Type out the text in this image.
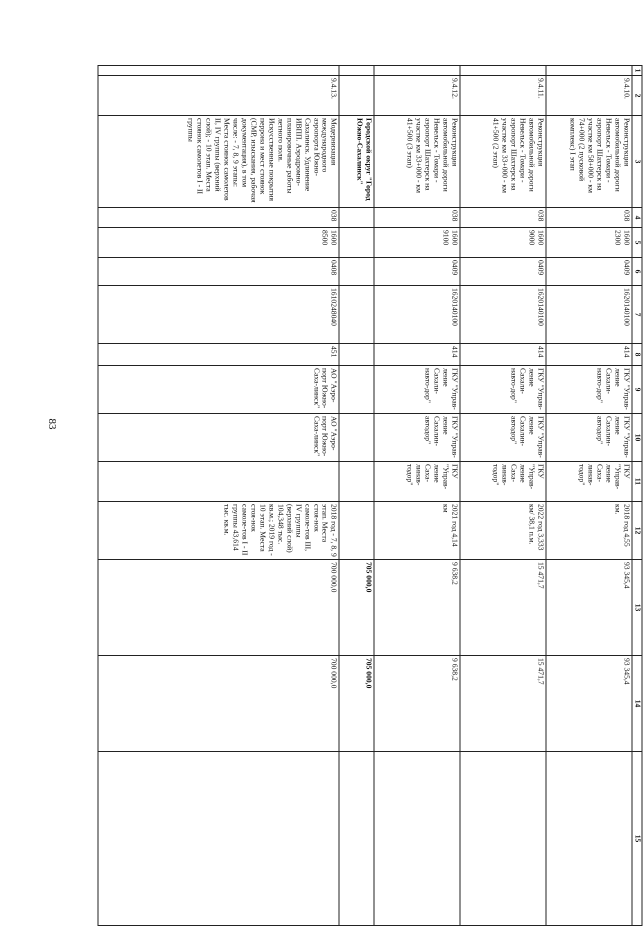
83
1	2	3	4	5	6	7	8	9	10	11	12	13	14	15
	9.4.10.	Реконструкция автомобильной дороги Невельск - Томари - аэропорт Шахтерск на участке км 58+000 - км 74+000 (2 пусковой комплекс) I этап	038	1600 2300	0409	1620140100	414	ГКУ "Управ-ление Сахали-навто-дор"	ГКУ "Управ-ление Сахалин-автодор"	ГКУ "Управ-ление Саха-линав-тодор"	2018 год 4,55 км.	93 345,4	93 345,4	
	9.4.11.	Реконструкция автомобильной дороги Невельск - Томари - аэропорт Шахтерск на участке км 33+000 - км 41+500 (2 этап)	038	1600 9000	0409	1620140100	414	ГКУ "Управ-ление Сахали-навто-дор"	ГКУ "Управ-ление Сахалин-автодор"	ГКУ "Управ-ление Саха-линав-тодор"	2022 год 3,333 км/ 38,1 п.м.	15 471,7	15 471,7	
	9.4.12.	Реконструкция автомобильной дороги Невельск - Томари - аэропорт Шахтерск на участке км 33+000 - км 41+500 (3 этап)	038	1600 9100	0409	1620140100	414	ГКУ "Управ-ление Сахали-навто-дор"	ГКУ "Управ-ление Сахалин-автодор"	ГКУ "Управ-ление Саха-линав-тодор"	2021 год 4,14 км	9 638,2	9 638,2	
		Городской округ "Город Южно-Сахалинск"										705 000,0	705 000,0	
	9.4.13.	Модернизация международного аэропорта Южно-Сахалинск. Удлинение ИВПП. Аэродромно-планировочные работы летного поля. Искусственные покрытия перрона и мест стоянок (СМР, изыскания, рабочая документация), в том числе: - 7, 8, 9 этапы: Места стоянок самолетов II, IV группы (верхний слой); - 10 этап. Места стоянок самолетов I - II группы	038	1600 8500	0408	1610248040	451	АО "Аэро-порт Южно-Саха-линск"	АО "Аэро-порт Южно-Саха-линск"		2018 год - 7, 8, 9 этап. Места стоя-нок самоле-тов III, IV группы (верхний слой) 104,348 тыс. кв.м.; 2019 год - 10 этап. Места стоя-нок самоле-тов I - II группы 43,614 тыс. кв.м.	700 000,0	700 000,0	
